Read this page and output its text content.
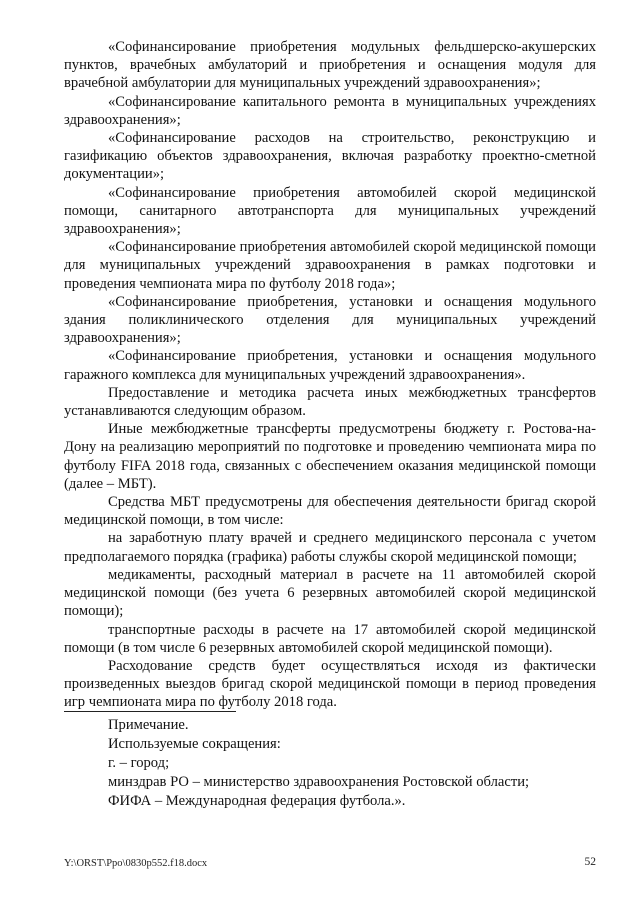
«Софинансирование приобретения модульных фельдшерско-акушерских пунктов, врачебных амбулаторий и приобретения и оснащения модуля для врачебной амбулатории для муниципальных учреждений здравоохранения»;

«Софинансирование капитального ремонта в муниципальных учреждениях здравоохранения»;

«Софинансирование расходов на строительство, реконструкцию и газификацию объектов здравоохранения, включая разработку проектно-сметной документации»;

«Софинансирование приобретения автомобилей скорой медицинской помощи, санитарного автотранспорта для муниципальных учреждений здравоохранения»;

«Софинансирование приобретения автомобилей скорой медицинской помощи для муниципальных учреждений здравоохранения в рамках подготовки и проведения чемпионата мира по футболу 2018 года»;

«Софинансирование приобретения, установки и оснащения модульного здания поликлинического отделения для муниципальных учреждений здравоохранения»;

«Софинансирование приобретения, установки и оснащения модульного гаражного комплекса для муниципальных учреждений здравоохранения».

Предоставление и методика расчета иных межбюджетных трансфертов устанавливаются следующим образом.

Иные межбюджетные трансферты предусмотрены бюджету г. Ростова-на-Дону на реализацию мероприятий по подготовке и проведению чемпионата мира по футболу FIFA 2018 года, связанных с обеспечением оказания медицинской помощи (далее – МБТ).

Средства МБТ предусмотрены для обеспечения деятельности бригад скорой медицинской помощи, в том числе:

на заработную плату врачей и среднего медицинского персонала с учетом предполагаемого порядка (графика) работы службы скорой медицинской помощи;

медикаменты, расходный материал в расчете на 11 автомобилей скорой медицинской помощи (без учета 6 резервных автомобилей скорой медицинской помощи);

транспортные расходы в расчете на 17 автомобилей скорой медицинской помощи (в том числе 6 резервных автомобилей скорой медицинской помощи).

Расходование средств будет осуществляться исходя из фактически произведенных выездов бригад скорой медицинской помощи в период проведения игр чемпионата мира по футболу 2018 года.

Примечание.

Используемые сокращения:

г. – город;

минздрав РО – министерство здравоохранения Ростовской области;

ФИФА – Международная федерация футбола.».

Y:\ORST\Ppo\0830p552.f18.docx	52
